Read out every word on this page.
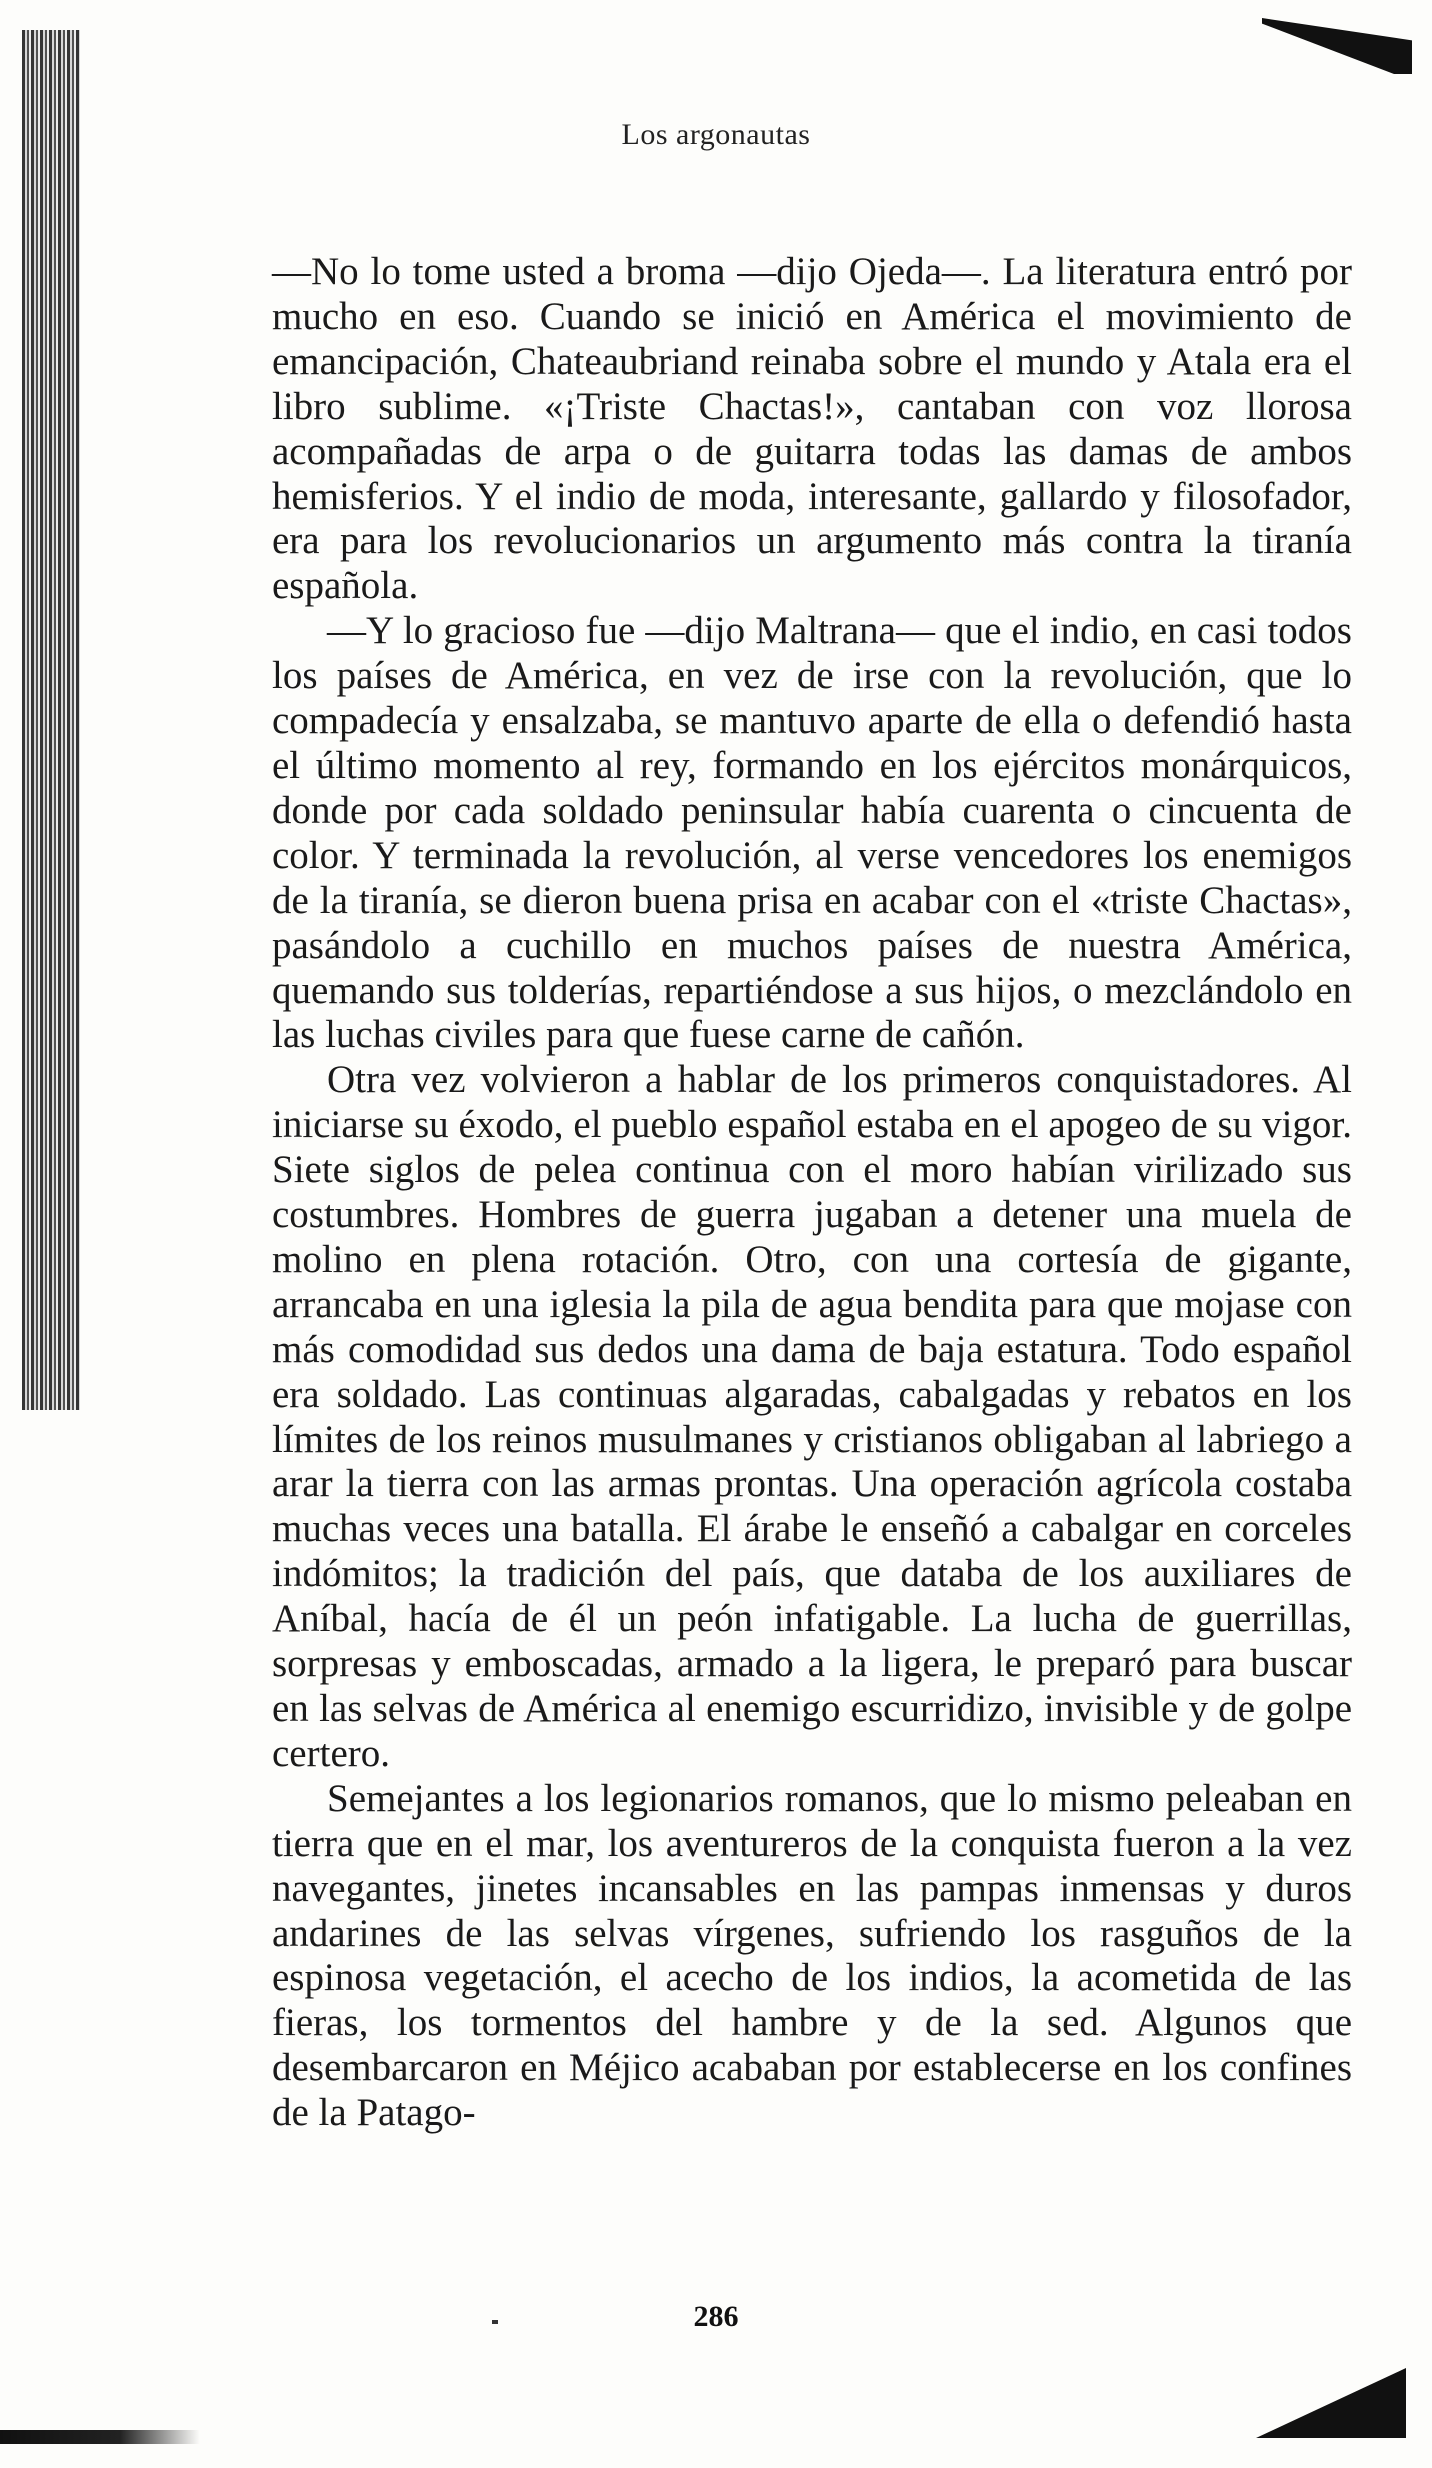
Los argonautas

—No lo tome usted a broma —dijo Ojeda—. La literatura entró por mucho en eso. Cuando se inició en América el movimiento de emancipación, Chateaubriand reinaba sobre el mundo y Atala era el libro sublime. «¡Triste Chactas!», cantaban con voz llorosa acompañadas de arpa o de guitarra todas las damas de ambos hemisferios. Y el indio de moda, interesante, gallardo y filosofador, era para los revolucionarios un argumento más contra la tiranía española.

—Y lo gracioso fue —dijo Maltrana— que el indio, en casi todos los países de América, en vez de irse con la revolución, que lo compadecía y ensalzaba, se mantuvo aparte de ella o defendió hasta el último momento al rey, formando en los ejércitos monárquicos, donde por cada soldado peninsular había cuarenta o cincuenta de color. Y terminada la revolución, al verse vencedores los enemigos de la tiranía, se dieron buena prisa en acabar con el «triste Chactas», pasándolo a cuchillo en muchos países de nuestra América, quemando sus tolderías, repartiéndose a sus hijos, o mezclándolo en las luchas civiles para que fuese carne de cañón.

Otra vez volvieron a hablar de los primeros conquistadores. Al iniciarse su éxodo, el pueblo español estaba en el apogeo de su vigor. Siete siglos de pelea continua con el moro habían virilizado sus costumbres. Hombres de guerra jugaban a detener una muela de molino en plena rotación. Otro, con una cortesía de gigante, arrancaba en una iglesia la pila de agua bendita para que mojase con más comodidad sus dedos una dama de baja estatura. Todo español era soldado. Las continuas algaradas, cabalgadas y rebatos en los límites de los reinos musulmanes y cristianos obligaban al labriego a arar la tierra con las armas prontas. Una operación agrícola costaba muchas veces una batalla. El árabe le enseñó a cabalgar en corceles indómitos; la tradición del país, que databa de los auxiliares de Aníbal, hacía de él un peón infatigable. La lucha de guerrillas, sorpresas y emboscadas, armado a la ligera, le preparó para buscar en las selvas de América al enemigo escurridizo, invisible y de golpe certero.

Semejantes a los legionarios romanos, que lo mismo peleaban en tierra que en el mar, los aventureros de la conquista fueron a la vez navegantes, jinetes incansables en las pampas inmensas y duros andarines de las selvas vírgenes, sufriendo los rasguños de la espinosa vegetación, el acecho de los indios, la acometida de las fieras, los tormentos del hambre y de la sed. Algunos que desembarcaron en Méjico acababan por establecerse en los confines de la Patago-

286
